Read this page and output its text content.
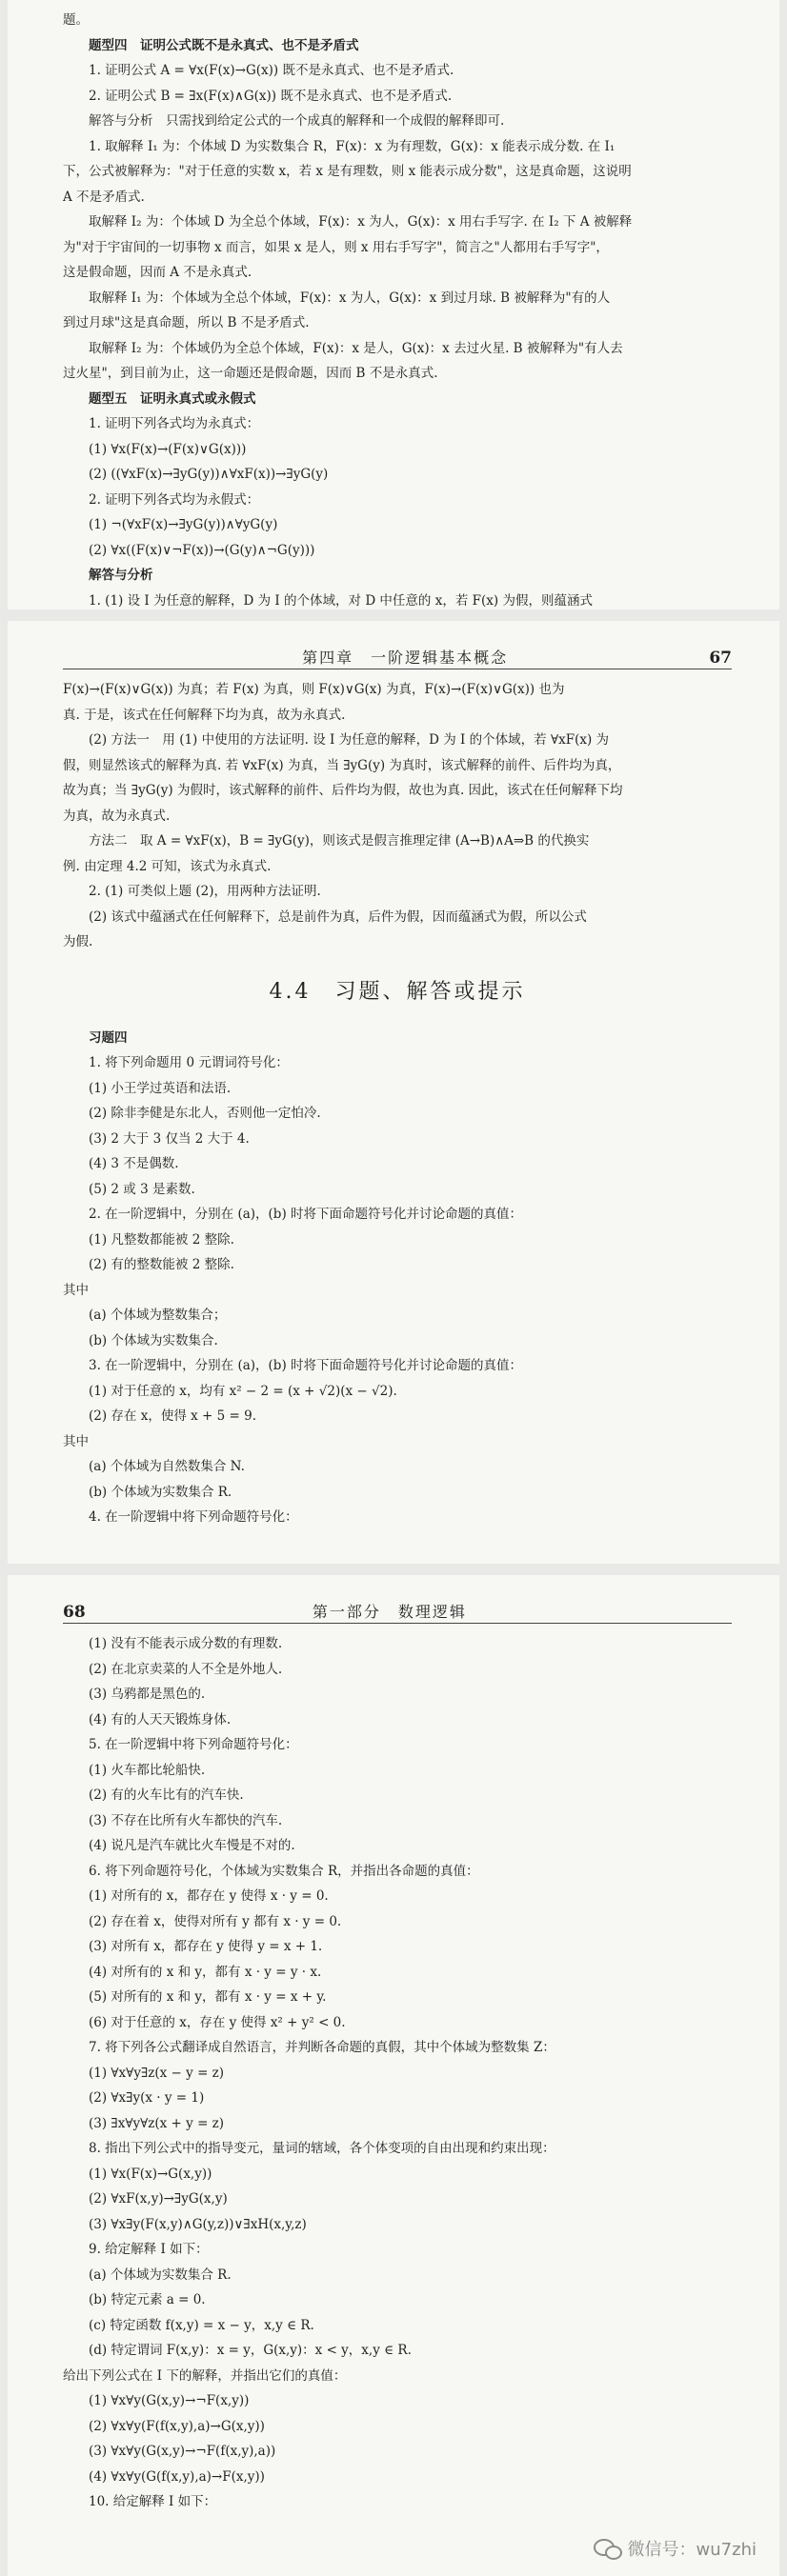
题。
题型四　证明公式既不是永真式、也不是矛盾式
1. 证明公式 A = ∀x(F(x)→G(x)) 既不是永真式、也不是矛盾式.
2. 证明公式 B = ∃x(F(x)∧G(x)) 既不是永真式、也不是矛盾式.
解答与分析　只需找到给定公式的一个成真的解释和一个成假的解释即可.
1. 取解释 I₁ 为：个体域 D 为实数集合 R，F(x)：x 为有理数，G(x)：x 能表示成分数. 在 I₁
下，公式被解释为："对于任意的实数 x，若 x 是有理数，则 x 能表示成分数"，这是真命题，这说明
A 不是矛盾式.
取解释 I₂ 为：个体域 D 为全总个体域，F(x)：x 为人，G(x)：x 用右手写字. 在 I₂ 下 A 被解释
为"对于宇宙间的一切事物 x 而言，如果 x 是人，则 x 用右手写字"，简言之"人都用右手写字"，
这是假命题，因而 A 不是永真式.
取解释 I₁ 为：个体域为全总个体域，F(x)：x 为人，G(x)：x 到过月球. B 被解释为"有的人
到过月球"这是真命题，所以 B 不是矛盾式.
取解释 I₂ 为：个体域仍为全总个体域，F(x)：x 是人，G(x)：x 去过火星. B 被解释为"有人去
过火星"，到目前为止，这一命题还是假命题，因而 B 不是永真式.
题型五　证明永真式或永假式
1. 证明下列各式均为永真式：
(1) ∀x(F(x)→(F(x)∨G(x)))
(2) ((∀xF(x)→∃yG(y))∧∀xF(x))→∃yG(y)
2. 证明下列各式均为永假式：
(1) ¬(∀xF(x)→∃yG(y))∧∀yG(y)
(2) ∀x((F(x)∨¬F(x))→(G(y)∧¬G(y)))
解答与分析
1. (1) 设 I 为任意的解释，D 为 I 的个体域，对 D 中任意的 x，若 F(x) 为假，则蕴涵式
第四章　一阶逻辑基本概念	67
F(x)→(F(x)∨G(x)) 为真；若 F(x) 为真，则 F(x)∨G(x) 为真，F(x)→(F(x)∨G(x)) 也为
真. 于是，该式在任何解释下均为真，故为永真式.
(2) 方法一　用 (1) 中使用的方法证明. 设 I 为任意的解释，D 为 I 的个体域，若 ∀xF(x) 为
假，则显然该式的解释为真. 若 ∀xF(x) 为真，当 ∃yG(y) 为真时，该式解释的前件、后件均为真，
故为真；当 ∃yG(y) 为假时，该式解释的前件、后件均为假，故也为真. 因此，该式在任何解释下均
为真，故为永真式.
方法二　取 A = ∀xF(x)，B = ∃yG(y)，则该式是假言推理定律 (A→B)∧A⇒B 的代换实
例. 由定理 4.2 可知，该式为永真式.
2. (1) 可类似上题 (2)，用两种方法证明.
(2) 该式中蕴涵式在任何解释下，总是前件为真，后件为假，因而蕴涵式为假，所以公式
为假.
4.4　习题、解答或提示
习题四
1. 将下列命题用 0 元谓词符号化：
(1) 小王学过英语和法语.
(2) 除非李健是东北人，否则他一定怕冷.
(3) 2 大于 3 仅当 2 大于 4.
(4) 3 不是偶数.
(5) 2 或 3 是素数.
2. 在一阶逻辑中，分别在 (a)，(b) 时将下面命题符号化并讨论命题的真值：
(1) 凡整数都能被 2 整除.
(2) 有的整数能被 2 整除.
其中
(a) 个体域为整数集合；
(b) 个体域为实数集合.
3. 在一阶逻辑中，分别在 (a)，(b) 时将下面命题符号化并讨论命题的真值：
(1) 对于任意的 x，均有 x² − 2 = (x + √2)(x − √2).
(2) 存在 x，使得 x + 5 = 9.
其中
(a) 个体域为自然数集合 N.
(b) 个体域为实数集合 R.
4. 在一阶逻辑中将下列命题符号化：
68	第一部分　数理逻辑
(1) 没有不能表示成分数的有理数.
(2) 在北京卖菜的人不全是外地人.
(3) 乌鸦都是黑色的.
(4) 有的人天天锻炼身体.
5. 在一阶逻辑中将下列命题符号化：
(1) 火车都比轮船快.
(2) 有的火车比有的汽车快.
(3) 不存在比所有火车都快的汽车.
(4) 说凡是汽车就比火车慢是不对的.
6. 将下列命题符号化，个体域为实数集合 R，并指出各命题的真值：
(1) 对所有的 x，都存在 y 使得 x · y = 0.
(2) 存在着 x，使得对所有 y 都有 x · y = 0.
(3) 对所有 x，都存在 y 使得 y = x + 1.
(4) 对所有的 x 和 y，都有 x · y = y · x.
(5) 对所有的 x 和 y，都有 x · y = x + y.
(6) 对于任意的 x，存在 y 使得 x² + y² < 0.
7. 将下列各公式翻译成自然语言，并判断各命题的真假，其中个体域为整数集 Z：
(1) ∀x∀y∃z(x − y = z)
(2) ∀x∃y(x · y = 1)
(3) ∃x∀y∀z(x + y = z)
8. 指出下列公式中的指导变元，量词的辖域，各个体变项的自由出现和约束出现：
(1) ∀x(F(x)→G(x,y))
(2) ∀xF(x,y)→∃yG(x,y)
(3) ∀x∃y(F(x,y)∧G(y,z))∨∃xH(x,y,z)
9. 给定解释 I 如下：
(a) 个体域为实数集合 R.
(b) 特定元素 a = 0.
(c) 特定函数 f(x,y) = x − y，x,y ∈ R.
(d) 特定谓词 F(x,y)：x = y，G(x,y)：x < y，x,y ∈ R.
给出下列公式在 I 下的解释，并指出它们的真值：
(1) ∀x∀y(G(x,y)→¬F(x,y))
(2) ∀x∀y(F(f(x,y),a)→G(x,y))
(3) ∀x∀y(G(x,y)→¬F(f(x,y),a))
(4) ∀x∀y(G(f(x,y),a)→F(x,y))
10. 给定解释 I 如下：
微信号：wu7zhi
